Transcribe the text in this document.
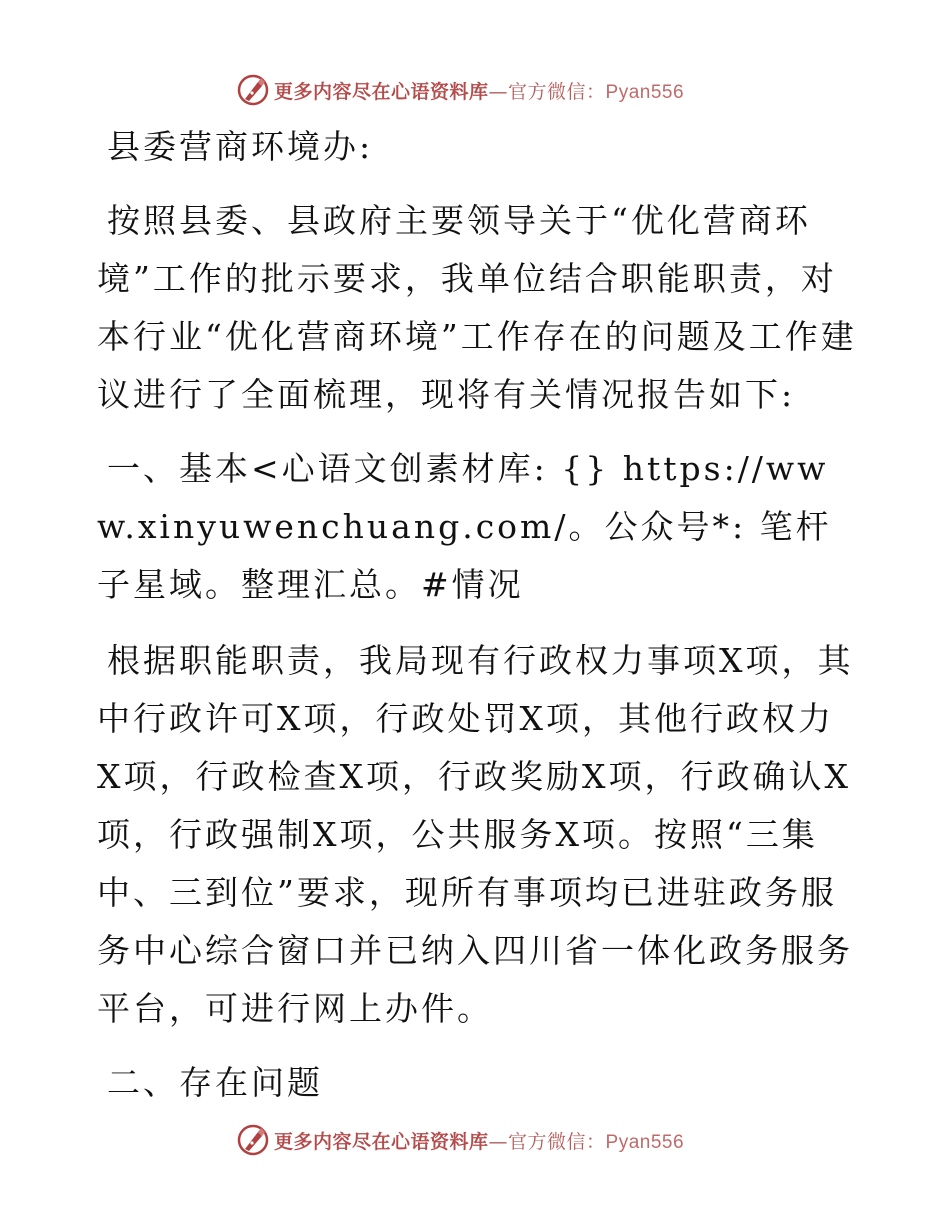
更多内容尽在心语资料库—官方微信：Pyan556

县委营商环境办:

按照县委、县政府主要领导关于“优化营商环境”工作的批示要求，我单位结合职能职责，对本行业“优化营商环境”工作存在的问题及工作建议进行了全面梳理，现将有关情况报告如下:

一、基本<心语文创素材库: {} https://www.xinyuwenchuang.com/。公众号*: 笔杆子星域。整理汇总。#情况

根据职能职责，我局现有行政权力事项X项，其中行政许可X项，行政处罚X项，其他行政权力X项，行政检查X项，行政奖励X项，行政确认X项，行政强制X项，公共服务X项。按照“三集中、三到位”要求，现所有事项均已进驻政务服务中心综合窗口并已纳入四川省一体化政务服务平台，可进行网上办件。

二、存在问题

更多内容尽在心语资料库—官方微信：Pyan556
